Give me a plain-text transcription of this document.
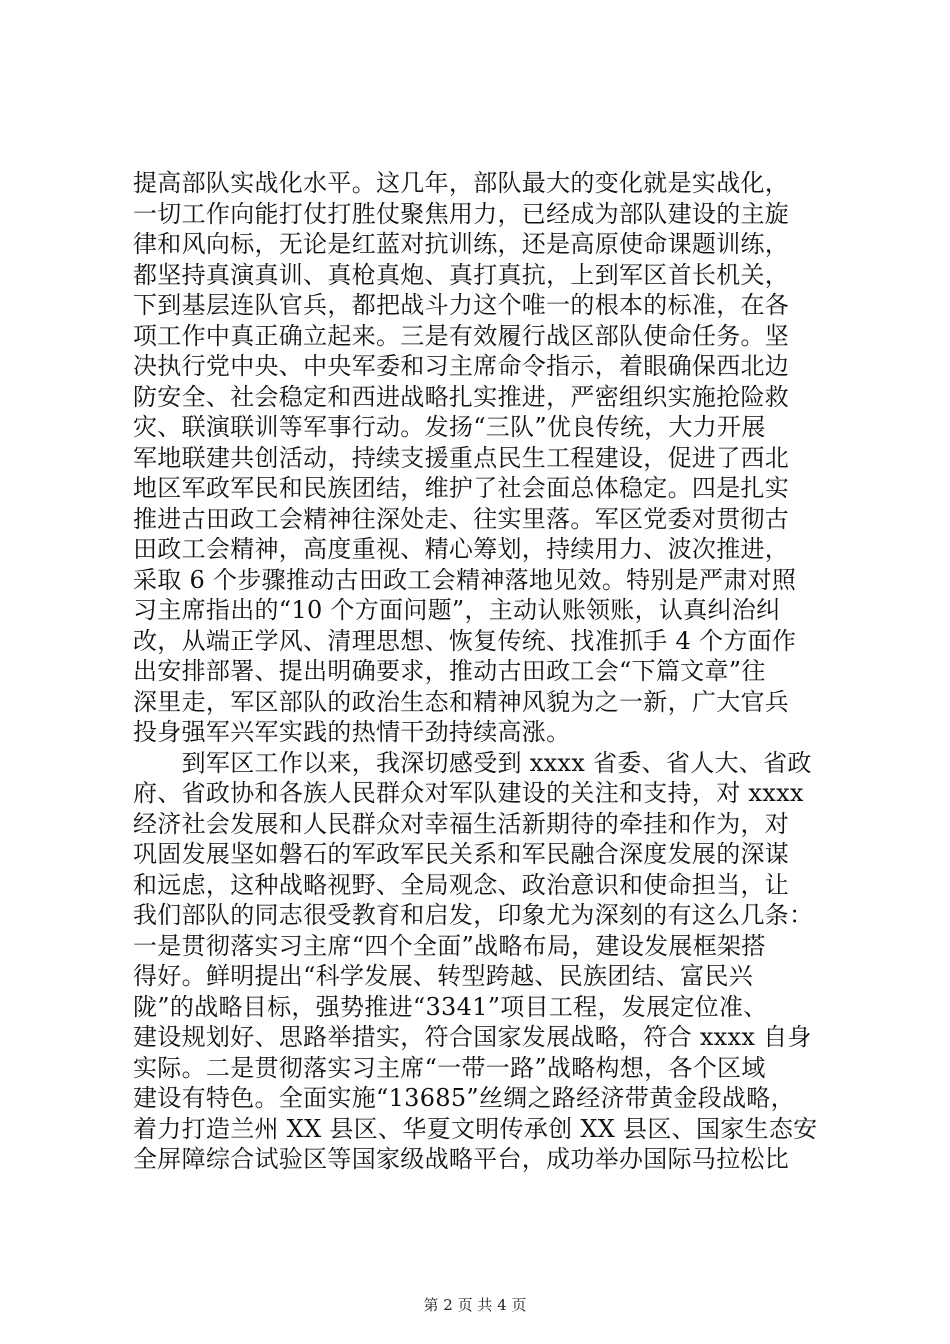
提高部队实战化水平。这几年，部队最大的变化就是实战化，
一切工作向能打仗打胜仗聚焦用力，已经成为部队建设的主旋
律和风向标，无论是红蓝对抗训练，还是高原使命课题训练，
都坚持真演真训、真枪真炮、真打真抗，上到军区首长机关，
下到基层连队官兵，都把战斗力这个唯一的根本的标准，在各
项工作中真正确立起来。三是有效履行战区部队使命任务。坚
决执行党中央、中央军委和习主席命令指示，着眼确保西北边
防安全、社会稳定和西进战略扎实推进，严密组织实施抢险救
灾、联演联训等军事行动。发扬“三队”优良传统，大力开展
军地联建共创活动，持续支援重点民生工程建设，促进了西北
地区军政军民和民族团结，维护了社会面总体稳定。四是扎实
推进古田政工会精神往深处走、往实里落。军区党委对贯彻古
田政工会精神，高度重视、精心筹划，持续用力、波次推进，
采取 6 个步骤推动古田政工会精神落地见效。特别是严肃对照
习主席指出的“10 个方面问题”，主动认账领账，认真纠治纠
改，从端正学风、清理思想、恢复传统、找准抓手 4 个方面作
出安排部署、提出明确要求，推动古田政工会“下篇文章”往
深里走，军区部队的政治生态和精神风貌为之一新，广大官兵
投身强军兴军实践的热情干劲持续高涨。
　　到军区工作以来，我深切感受到 xxxx 省委、省人大、省政
府、省政协和各族人民群众对军队建设的关注和支持，对 xxxx
经济社会发展和人民群众对幸福生活新期待的牵挂和作为，对
巩固发展坚如磐石的军政军民关系和军民融合深度发展的深谋
和远虑，这种战略视野、全局观念、政治意识和使命担当，让
我们部队的同志很受教育和启发，印象尤为深刻的有这么几条：
一是贯彻落实习主席“四个全面”战略布局，建设发展框架搭
得好。鲜明提出“科学发展、转型跨越、民族团结、富民兴
陇”的战略目标，强势推进“3341”项目工程，发展定位准、
建设规划好、思路举措实，符合国家发展战略，符合 xxxx 自身
实际。二是贯彻落实习主席“一带一路”战略构想，各个区域
建设有特色。全面实施“13685”丝绸之路经济带黄金段战略，
着力打造兰州 XX 县区、华夏文明传承创 XX 县区、国家生态安
全屏障综合试验区等国家级战略平台，成功举办国际马拉松比
第 2 页 共 4 页
